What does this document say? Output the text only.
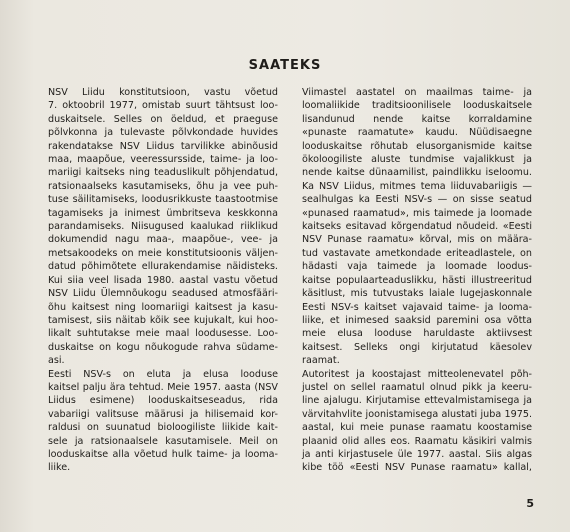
SAATEKS
NSV Liidu konstitutsioon, vastu võetud
7. oktoobril 1977, omistab suurt tähtsust loo-
duskaitsele. Selles on öeldud, et praeguse
põlvkonna ja tulevaste põlvkondade huvides
rakendatakse NSV Liidus tarvilikke abinõusid
maa, maapõue, veeressursside, taime- ja loo-
mariigi kaitseks ning teaduslikult põhjendatud,
ratsionaalseks kasutamiseks, õhu ja vee puh-
tuse säilitamiseks, loodusrikkuste taastootmise
tagamiseks ja inimest ümbritseva keskkonna
parandamiseks. Niisugused kaalukad riiklikud
dokumendid nagu maa-, maapõue-, vee- ja
metsakoodeks on meie konstitutsioonis väljen-
datud põhimõtete ellurakendamise näidisteks.
Kui siia veel lisada 1980. aastal vastu võetud
NSV Liidu Ülemnõukogu seadused atmosfääri-
õhu kaitsest ning loomariigi kaitsest ja kasu-
tamisest, siis näitab kõik see kujukalt, kui hoo-
likalt suhtutakse meie maal loodusesse. Loo-
duskaitse on kogu nõukogude rahva südame-
asi.
Eesti NSV-s on eluta ja elusa looduse
kaitsel palju ära tehtud. Meie 1957. aasta (NSV
Liidus esimene) looduskaitseseadus, rida
vabariigi valitsuse määrusi ja hilisemaid kor-
raldusi on suunatud bioloogiliste liikide kait-
sele ja ratsionaalsele kasutamisele. Meil on
looduskaitse alla võetud hulk taime- ja looma-
liike.
Viimastel aastatel on maailmas taime- ja
loomaliikide traditsioonilisele looduskaitsele
lisandunud nende kaitse korraldamine
«punaste raamatute» kaudu. Nüüdisaegne
looduskaitse rõhutab elusorganismide kaitse
ökoloogiliste aluste tundmise vajalikkust ja
nende kaitse dünaamilist, paindlikku iseloomu.
Ka NSV Liidus, mitmes tema liiduvabariigis —
sealhulgas ka Eesti NSV-s — on sisse seatud
«punased raamatud», mis taimede ja loomade
kaitseks esitavad kõrgendatud nõudeid. «Eesti
NSV Punase raamatu» kõrval, mis on määra-
tud vastavate ametkondade eriteadlastele, on
hädasti vaja taimede ja loomade loodus-
kaitse populaarteaduslikku, hästi illustreeritud
käsitlust, mis tutvustaks laiale lugejaskonnale
Eesti NSV-s kaitset vajavaid taime- ja looma-
liike, et inimesed saaksid paremini osa võtta
meie elusa looduse haruldaste aktiivsest
kaitsest. Selleks ongi kirjutatud käesolev
raamat.
Autoritest ja koostajast mitteolenevatel põh-
justel on sellel raamatul olnud pikk ja keeru-
line ajalugu. Kirjutamise ettevalmistamisega ja
värvitahvlite joonistamisega alustati juba 1975.
aastal, kui meie punase raamatu koostamise
plaanid olid alles eos. Raamatu käsikiri valmis
ja anti kirjastusele üle 1977. aastal. Siis algas
kibe töö «Eesti NSV Punase raamatu» kallal,
5
